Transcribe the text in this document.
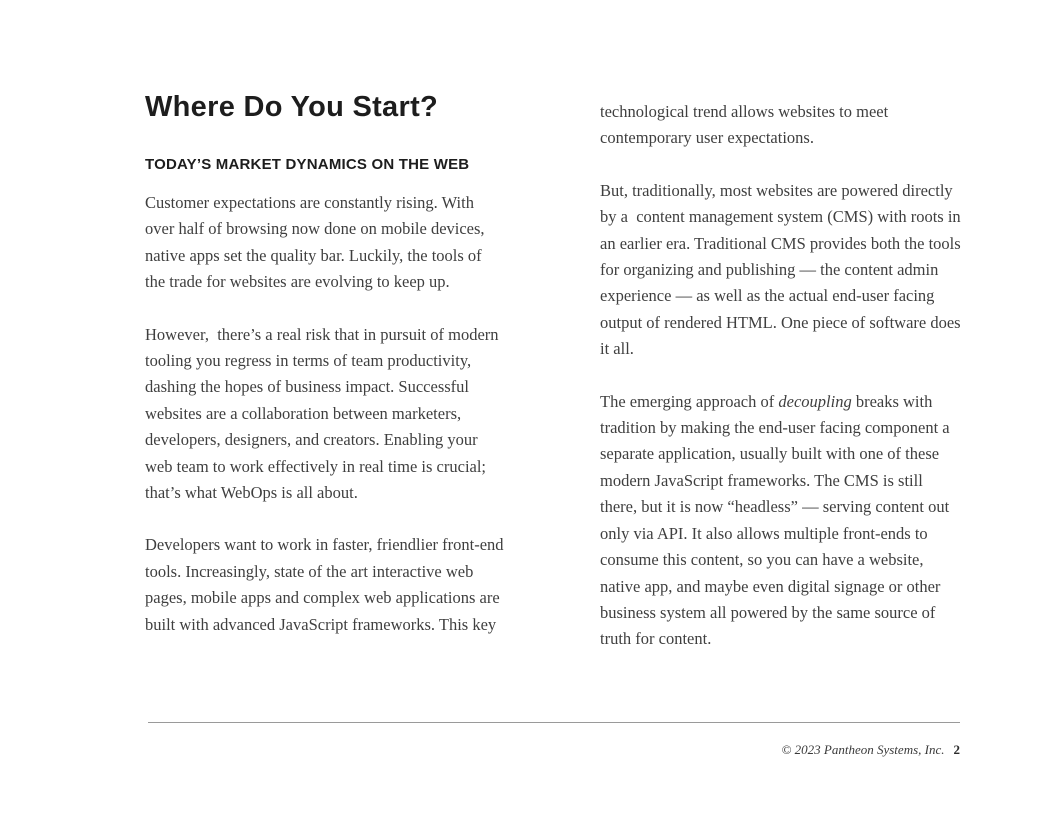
Where Do You Start?
TODAY’S MARKET DYNAMICS ON THE WEB

Customer expectations are constantly rising. With over half of browsing now done on mobile devices, native apps set the quality bar. Luckily, the tools of the trade for websites are evolving to keep up.

However,  there’s a real risk that in pursuit of modern tooling you regress in terms of team productivity, dashing the hopes of business impact. Successful websites are a collaboration between marketers, developers, designers, and creators. Enabling your web team to work effectively in real time is crucial; that’s what WebOps is all about.

Developers want to work in faster, friendlier front-end tools. Increasingly, state of the art interactive web pages, mobile apps and complex web applications are built with advanced JavaScript frameworks. This key

technological trend allows websites to meet contemporary user expectations.

But, traditionally, most websites are powered directly by a  content management system (CMS) with roots in an earlier era. Traditional CMS provides both the tools for organizing and publishing — the content admin experience — as well as the actual end-user facing output of rendered HTML. One piece of software does it all.

The emerging approach of decoupling breaks with tradition by making the end-user facing component a separate application, usually built with one of these modern JavaScript frameworks. The CMS is still there, but it is now “headless” — serving content out only via API. It also allows multiple front-ends to consume this content, so you can have a website, native app, and maybe even digital signage or other business system all powered by the same source of truth for content.

© 2023 Pantheon Systems, Inc. 2
